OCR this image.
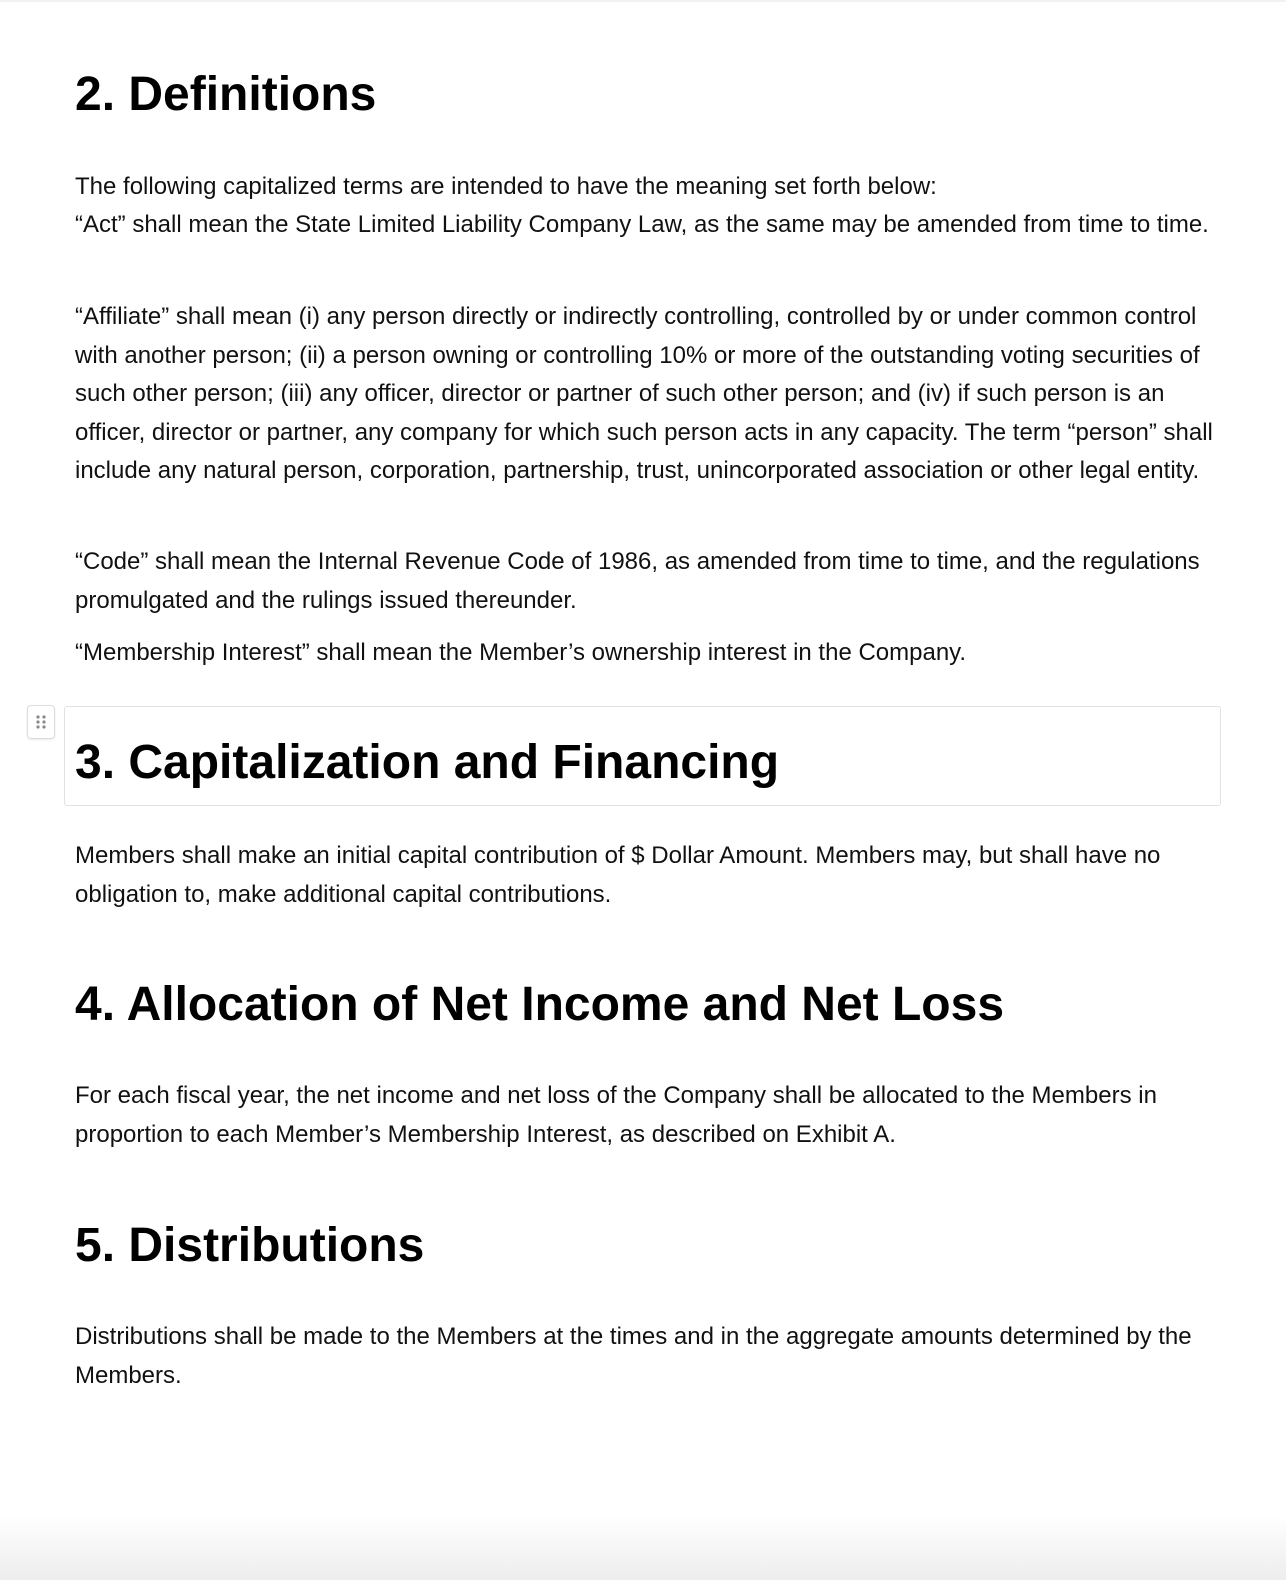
2. Definitions

The following capitalized terms are intended to have the meaning set forth below:

“Act” shall mean the State Limited Liability Company Law, as the same may be amended from time to time.

“Affiliate” shall mean (i) any person directly or indirectly controlling, controlled by or under common control with another person; (ii) a person owning or controlling 10% or more of the outstanding voting securities of such other person; (iii) any officer, director or partner of such other person; and (iv) if such person is an officer, director or partner, any company for which such person acts in any capacity. The term “person” shall include any natural person, corporation, partnership, trust, unincorporated association or other legal entity.

“Code” shall mean the Internal Revenue Code of 1986, as amended from time to time, and the regulations promulgated and the rulings issued thereunder.

“Membership Interest” shall mean the Member’s ownership interest in the Company.

3. Capitalization and Financing

Members shall make an initial capital contribution of $ Dollar Amount. Members may, but shall have no obligation to, make additional capital contributions.

4. Allocation of Net Income and Net Loss

For each fiscal year, the net income and net loss of the Company shall be allocated to the Members in proportion to each Member’s Membership Interest, as described on Exhibit A.

5. Distributions

Distributions shall be made to the Members at the times and in the aggregate amounts determined by the Members.
